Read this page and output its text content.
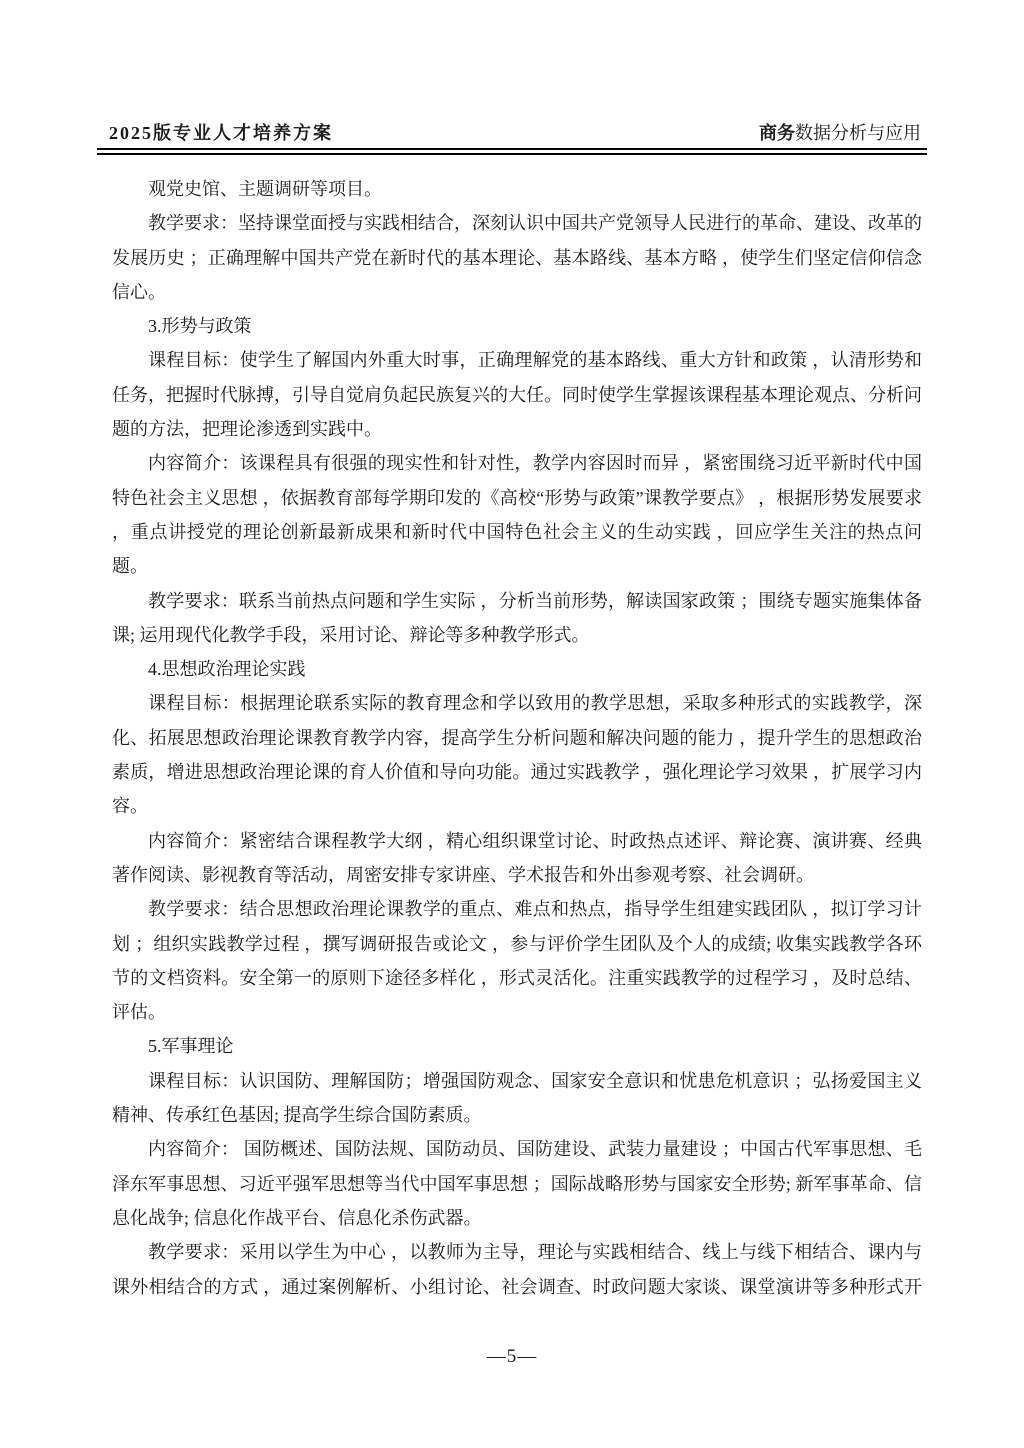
2025版专业人才培养方案	商务数据分析与应用

观党史馆、主题调研等项目。

教学要求：坚持课堂面授与实践相结合，深刻认识中国共产党领导人民进行的革命、建设、改革的发展历史 ；正确理解中国共产党在新时代的基本理论、基本路线、基本方略 ，使学生们坚定信仰信念信心。

3.形势与政策

课程目标：使学生了解国内外重大时事，正确理解党的基本路线、重大方针和政策 ，认清形势和任务，把握时代脉搏，引导自觉肩负起民族复兴的大任。同时使学生掌握该课程基本理论观点、分析问题的方法，把理论渗透到实践中。

内容简介：该课程具有很强的现实性和针对性，教学内容因时而异 ，紧密围绕习近平新时代中国特色社会主义思想 ，依据教育部每学期印发的《高校“形势与政策”课教学要点》 ，根据形势发展要求 ，重点讲授党的理论创新最新成果和新时代中国特色社会主义的生动实践 ，回应学生关注的热点问题。

教学要求：联系当前热点问题和学生实际 ，分析当前形势，解读国家政策 ；围绕专题实施集体备课; 运用现代化教学手段，采用讨论、辩论等多种教学形式。

4.思想政治理论实践

课程目标：根据理论联系实际的教育理念和学以致用的教学思想，采取多种形式的实践教学，深化、拓展思想政治理论课教育教学内容，提高学生分析问题和解决问题的能力 ，提升学生的思想政治素质，增进思想政治理论课的育人价值和导向功能。通过实践教学 ，强化理论学习效果 ，扩展学习内容。

内容简介：紧密结合课程教学大纲 ，精心组织课堂讨论、时政热点述评、辩论赛、演讲赛、经典著作阅读、影视教育等活动，周密安排专家讲座、学术报告和外出参观考察、社会调研。

教学要求：结合思想政治理论课教学的重点、难点和热点，指导学生组建实践团队 ，拟订学习计划 ；组织实践教学过程 ，撰写调研报告或论文 ，参与评价学生团队及个人的成绩; 收集实践教学各环 节的文档资料。安全第一的原则下途径多样化 ，形式灵活化。注重实践教学的过程学习 ，及时总结、评估。

5.军事理论

课程目标：认识国防、理解国防；增强国防观念、国家安全意识和忧患危机意识 ；弘扬爱国主义精神、传承红色基因; 提高学生综合国防素质。

内容简介： 国防概述、国防法规、国防动员、国防建设、武装力量建设 ；中国古代军事思想、毛 泽东军事思想、习近平强军思想等当代中国军事思想 ；国际战略形势与国家安全形势; 新军事革命、信息化战争; 信息化作战平台、信息化杀伤武器。

教学要求：采用以学生为中心 ，以教师为主导，理论与实践相结合、线上与线下相结合、课内与课外相结合的方式 ，通过案例解析、小组讨论、社会调查、时政问题大家谈、课堂演讲等多种形式开

—5—
